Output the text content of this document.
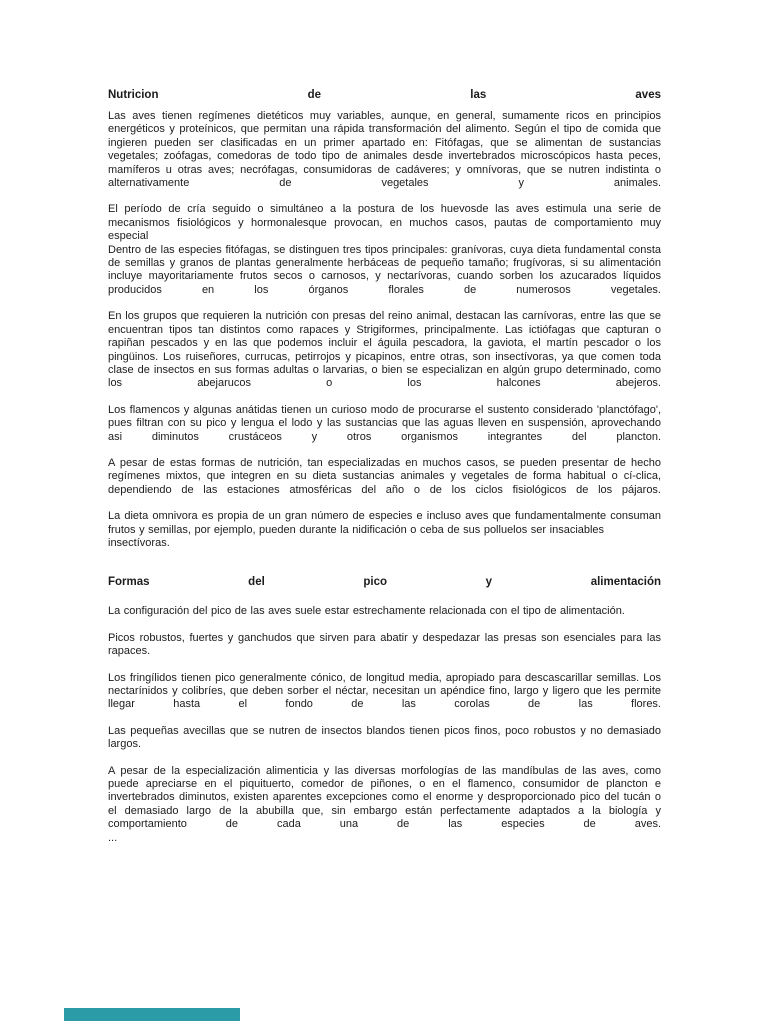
Nutricion de las aves

Las aves tienen regímenes dietéticos muy variables, aunque, en general, sumamente ricos en principios energéticos y proteínicos, que permitan una rápida transformación del alimento. Según el tipo de comida que ingieren pueden ser clasificadas en un primer apartado en: Fitófagas, que se alimentan de sustancias vegetales; zoófagas, comedoras de todo tipo de animales desde invertebrados microscópicos hasta peces, mamíferos u otras aves; necrófagas, consumidoras de cadáveres; y omnívoras, que se nutren indistinta o alternativamente de vegetales y animales.

El período de cría seguido o simultáneo a la postura de los huevosde las aves estimula una serie de mecanismos fisiológicos y hormonalesque provocan, en muchos casos, pautas de comportamiento muy especial

Dentro de las especies fitófagas, se distinguen tres tipos principales: granívoras, cuya dieta fundamental consta de semillas y granos de plantas generalmente herbáceas de pequeño tamaño; frugívoras, si su alimentación incluye mayoritariamente frutos secos o carnosos, y nectarívoras, cuando sorben los azucarados líquidos producidos en los órganos florales de numerosos vegetales.

En los grupos que requieren la nutrición con presas del reino animal, destacan las carnívoras, entre las que se encuentran tipos tan distintos como rapaces y Strigiformes, principalmente. Las ictiófagas que capturan o rapiñan pescados y en las que podemos incluir el águila pescadora, la gaviota, el martín pescador o los pingüinos. Los ruiseñores, currucas, petirrojos y picapinos, entre otras, son insectívoras, ya que comen toda clase de insectos en sus formas adultas o larvarias, o bien se especializan en algún grupo determinado, como los abejarucos o los halcones abejeros.

Los flamencos y algunas anátidas tienen un curioso modo de procurarse el sustento considerado 'planctófago', pues filtran con su pico y lengua el lodo y las sustancias que las aguas lleven en suspensión, aprovechando asi diminutos crustáceos y otros organismos integrantes del plancton.

A pesar de estas formas de nutrición, tan especializadas en muchos casos, se pueden presentar de hecho regímenes mixtos, que integren en su dieta sustancias animales y vegetales de forma habitual o cí-clica, dependiendo de las estaciones atmosféricas del año o de los ciclos fisiológicos de los pájaros.

La dieta omnivora es propia de un gran número de especies e incluso aves que fundamentalmente consuman frutos y semillas, por ejemplo, pueden durante la nidificación o ceba de sus polluelos ser insaciables

insectívoras.

Formas del pico y alimentación

La configuración del pico de las aves suele estar estrechamente relacionada con el tipo de alimentación.

Picos robustos, fuertes y ganchudos que sirven para abatir y despedazar las presas son esenciales para las rapaces.

Los fringílidos tienen pico generalmente cónico, de longitud media, apropiado para descascarillar semillas. Los nectarínidos y colibríes, que deben sorber el néctar, necesitan un apéndice fino, largo y ligero que les permite llegar hasta el fondo de las corolas de las flores.

Las pequeñas avecillas que se nutren de insectos blandos tienen picos finos, poco robustos y no demasiado largos.

A pesar de la especialización alimenticia y las diversas morfologías de las mandíbulas de las aves, como puede apreciarse en el piquituerto, comedor de piñones, o en el flamenco, consumidor de plancton e invertebrados diminutos, existen aparentes excepciones como el enorme y desproporcionado pico del tucán o el demasiado largo de la abubilla que, sin embargo están perfectamente adaptados a la biología y comportamiento de cada una de las especies de aves.

...
